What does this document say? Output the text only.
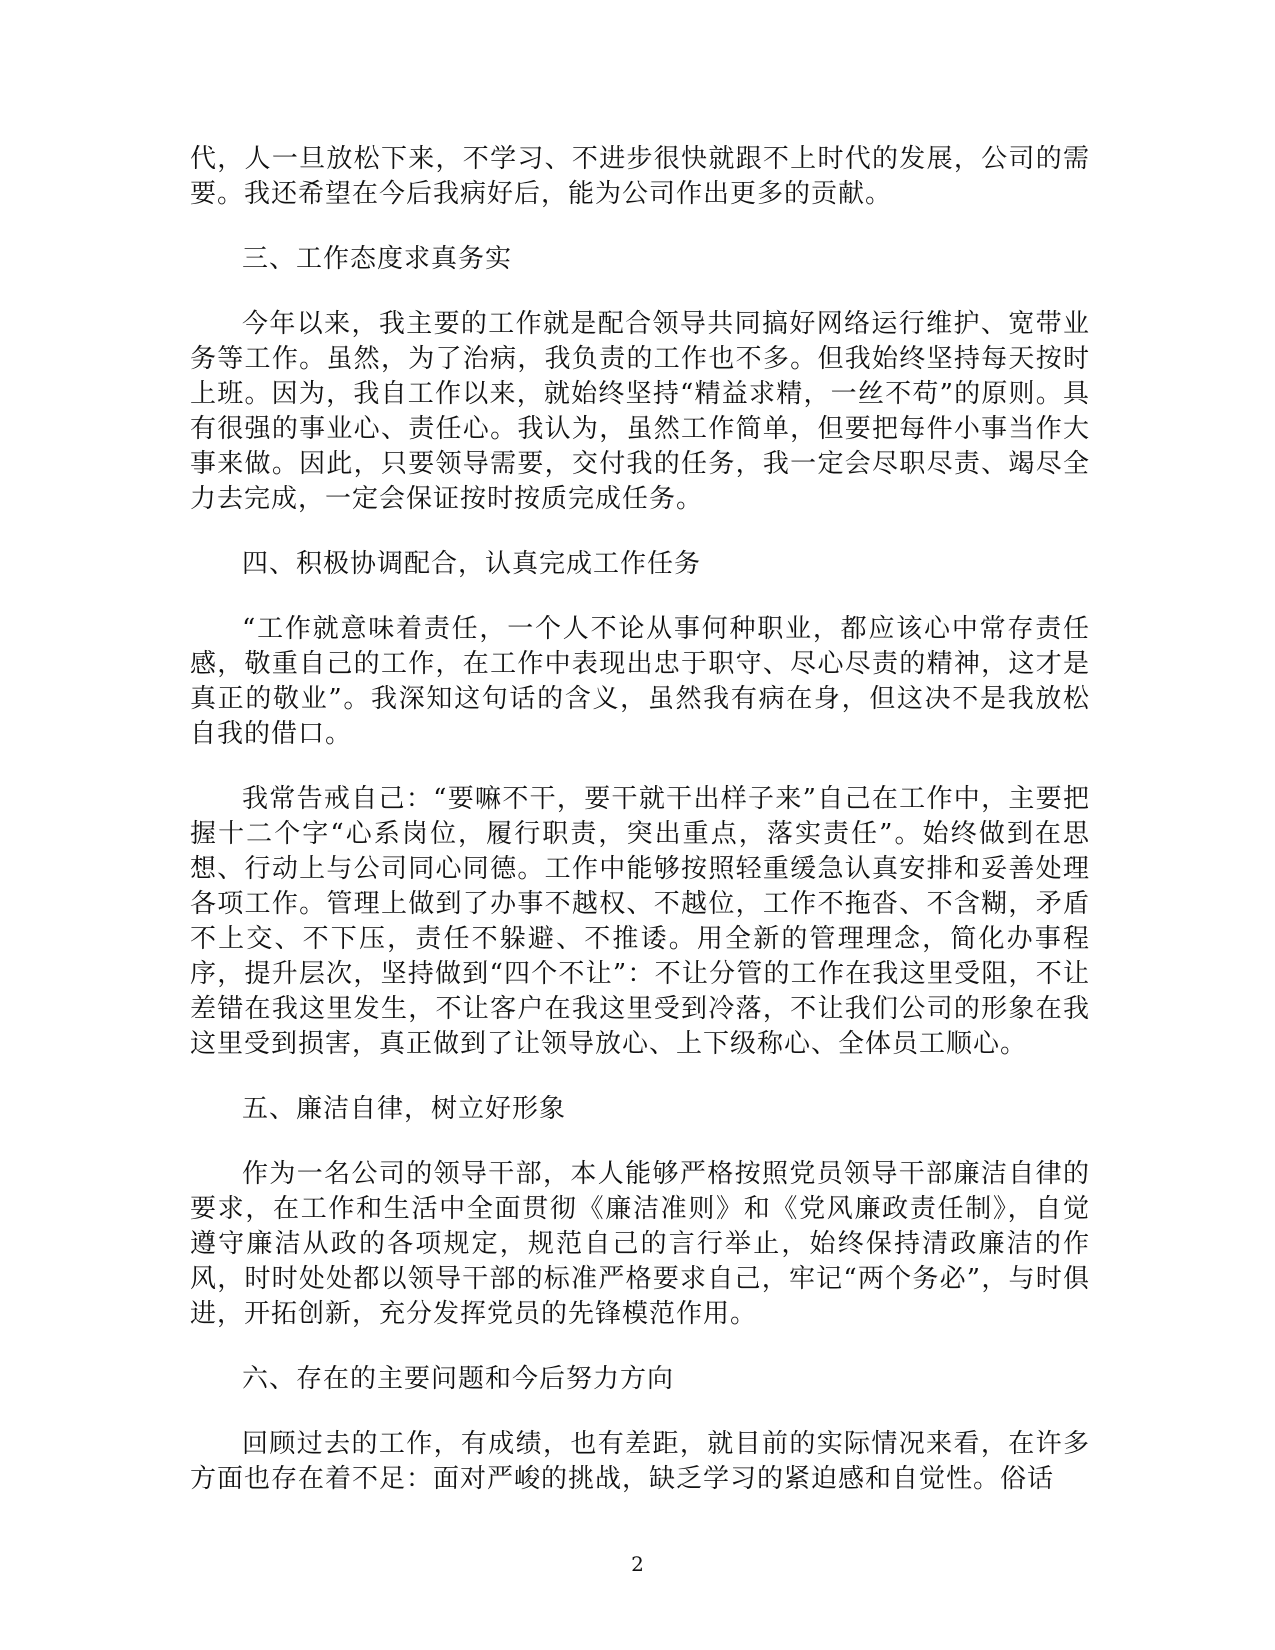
代，人一旦放松下来，不学习、不进步很快就跟不上时代的发展，公司的需要。我还希望在今后我病好后，能为公司作出更多的贡献。

三、工作态度求真务实

今年以来，我主要的工作就是配合领导共同搞好网络运行维护、宽带业务等工作。虽然，为了治病，我负责的工作也不多。但我始终坚持每天按时上班。因为，我自工作以来，就始终坚持“精益求精，一丝不苟”的原则。具有很强的事业心、责任心。我认为，虽然工作简单，但要把每件小事当作大事来做。因此，只要领导需要，交付我的任务，我一定会尽职尽责、竭尽全力去完成，一定会保证按时按质完成任务。

四、积极协调配合，认真完成工作任务

“工作就意味着责任，一个人不论从事何种职业，都应该心中常存责任感，敬重自己的工作，在工作中表现出忠于职守、尽心尽责的精神，这才是真正的敬业”。我深知这句话的含义，虽然我有病在身，但这决不是我放松自我的借口。

我常告戒自己：“要嘛不干，要干就干出样子来”自己在工作中，主要把握十二个字“心系岗位，履行职责，突出重点，落实责任”。始终做到在思想、行动上与公司同心同德。工作中能够按照轻重缓急认真安排和妥善处理各项工作。管理上做到了办事不越权、不越位，工作不拖沓、不含糊，矛盾不上交、不下压，责任不躲避、不推诿。用全新的管理理念，简化办事程序，提升层次，坚持做到“四个不让”：不让分管的工作在我这里受阻，不让差错在我这里发生，不让客户在我这里受到冷落，不让我们公司的形象在我这里受到损害，真正做到了让领导放心、上下级称心、全体员工顺心。

五、廉洁自律，树立好形象

作为一名公司的领导干部，本人能够严格按照党员领导干部廉洁自律的要求，在工作和生活中全面贯彻《廉洁准则》和《党风廉政责任制》，自觉遵守廉洁从政的各项规定，规范自己的言行举止，始终保持清政廉洁的作风，时时处处都以领导干部的标准严格要求自己，牢记“两个务必”，与时俱进，开拓创新，充分发挥党员的先锋模范作用。

六、存在的主要问题和今后努力方向

回顾过去的工作，有成绩，也有差距，就目前的实际情况来看，在许多方面也存在着不足：面对严峻的挑战，缺乏学习的紧迫感和自觉性。俗话

2
